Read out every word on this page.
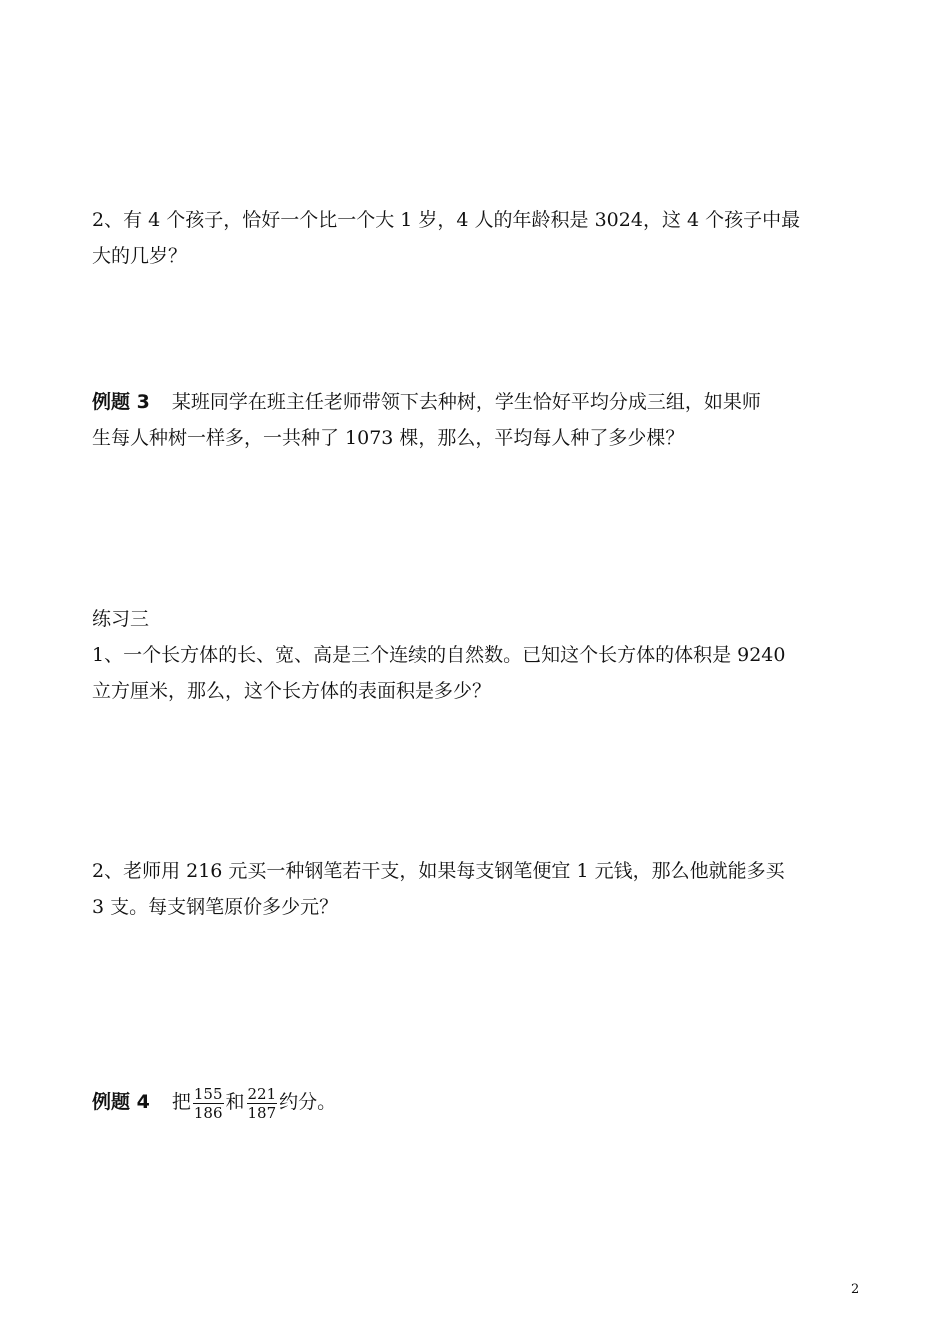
2、有 4 个孩子，恰好一个比一个大 1 岁，4 人的年龄积是 3024，这 4 个孩子中最
大的几岁？
例题 3 某班同学在班主任老师带领下去种树，学生恰好平均分成三组，如果师
生每人种树一样多，一共种了 1073 棵，那么，平均每人种了多少棵？
练习三
1、一个长方体的长、宽、高是三个连续的自然数。已知这个长方体的体积是 9240
立方厘米，那么，这个长方体的表面积是多少？
2、老师用 216 元买一种钢笔若干支，如果每支钢笔便宜 1 元钱，那么他就能多买
3 支。每支钢笔原价多少元？
例题 4 把 $\frac{155}{186}$ 和 $\frac{221}{187}$ 约分。
2
